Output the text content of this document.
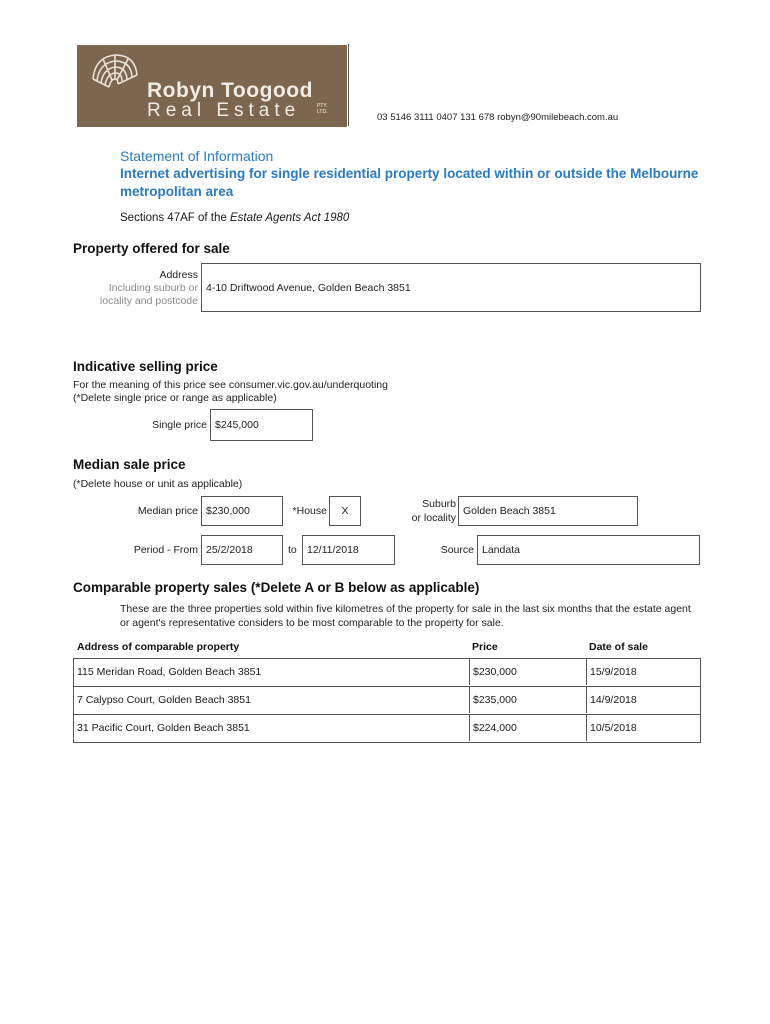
Robyn Toogood
Real Estate	PTY. LTD.	03 5146 3111 0407 131 678 robyn@90milebeach.com.au
Statement of Information
Internet advertising for single residential property located within or outside the Melbourne metropolitan area
Sections 47AF of the Estate Agents Act 1980
Property offered for sale
Address
Including suburb or
locality and postcode
4-10 Driftwood Avenue, Golden Beach 3851
Indicative selling price
For the meaning of this price see consumer.vic.gov.au/underquoting
(*Delete single price or range as applicable)
Single price $245,000
Median sale price
(*Delete house or unit as applicable)
Median price $230,000	*House	X
Suburb
or locality
Golden Beach 3851
Period - From 25/2/2018	to 12/11/2018	Source Landata
Comparable property sales (*Delete A or B below as applicable)
These are the three properties sold within five kilometres of the property for sale in the last six months that the estate agent or agent's representative considers to be most comparable to the property for sale.
Address of comparable property	Price	Date of sale
115 Meridan Road, Golden Beach 3851	$230,000	15/9/2018
7 Calypso Court, Golden Beach 3851	$235,000	14/9/2018
31 Pacific Court, Golden Beach 3851	$224,000	10/5/2018
